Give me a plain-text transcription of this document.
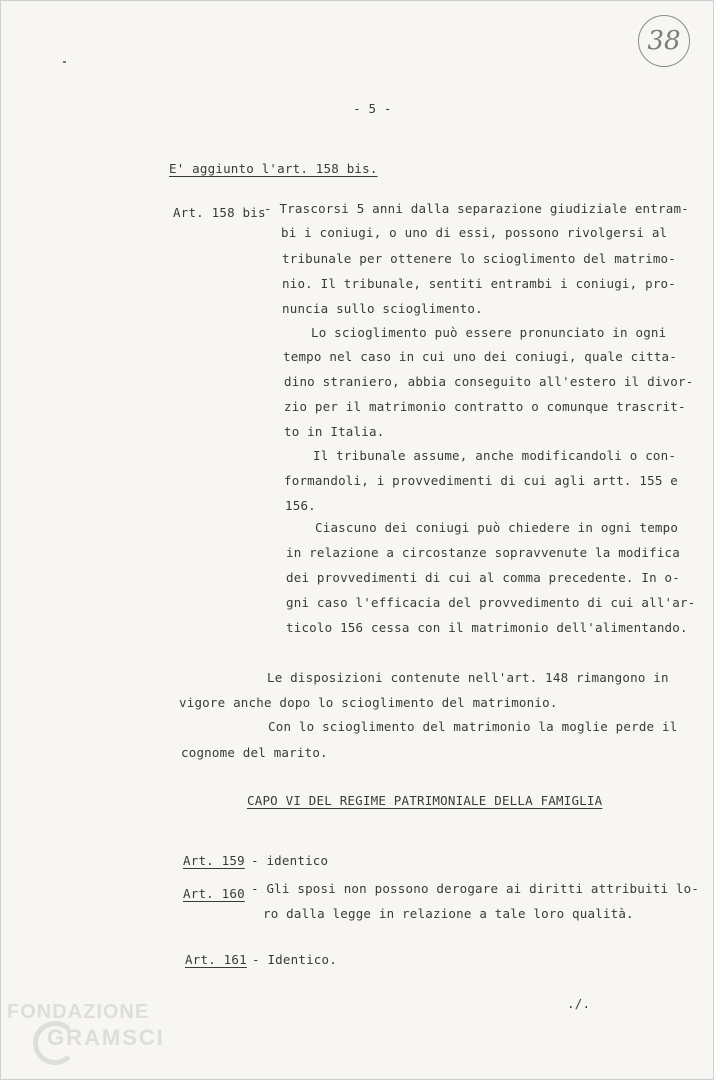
38
- 5 -
E' aggiunto l'art. 158 bis.
Art. 158 bis
- Trascorsi 5 anni dalla separazione giudiziale entram-
bi i coniugi, o uno di essi, possono rivolgersi al
tribunale per ottenere lo scioglimento del matrimo-
nio. Il tribunale, sentiti entrambi i coniugi, pro-
nuncia sullo scioglimento.
Lo scioglimento può essere pronunciato in ogni
tempo nel caso in cui uno dei coniugi, quale citta-
dino straniero, abbia conseguito all'estero il divor-
zio per il matrimonio contratto o comunque trascrit-
to in Italia.
Il tribunale assume, anche modificandoli o con-
formandoli, i provvedimenti di cui agli artt. 155 e
156.
Ciascuno dei coniugi può chiedere in ogni tempo
in relazione a circostanze sopravvenute la modifica
dei provvedimenti di cui al comma precedente. In o-
gni caso l'efficacia del provvedimento di cui all'ar-
ticolo 156 cessa con il matrimonio dell'alimentando.
Le disposizioni contenute nell'art. 148 rimangono in
vigore anche dopo lo scioglimento del matrimonio.
Con lo scioglimento del matrimonio la moglie perde il
cognome del marito.
CAPO VI DEL REGIME PATRIMONIALE DELLA FAMIGLIA
Art. 159 - identico
Art. 160 - Gli sposi non possono derogare ai diritti attribuiti lo-
ro dalla legge in relazione a tale loro qualità.
Art. 161 - Identico.
./.
FONDAZIONE
GRAMSCI
